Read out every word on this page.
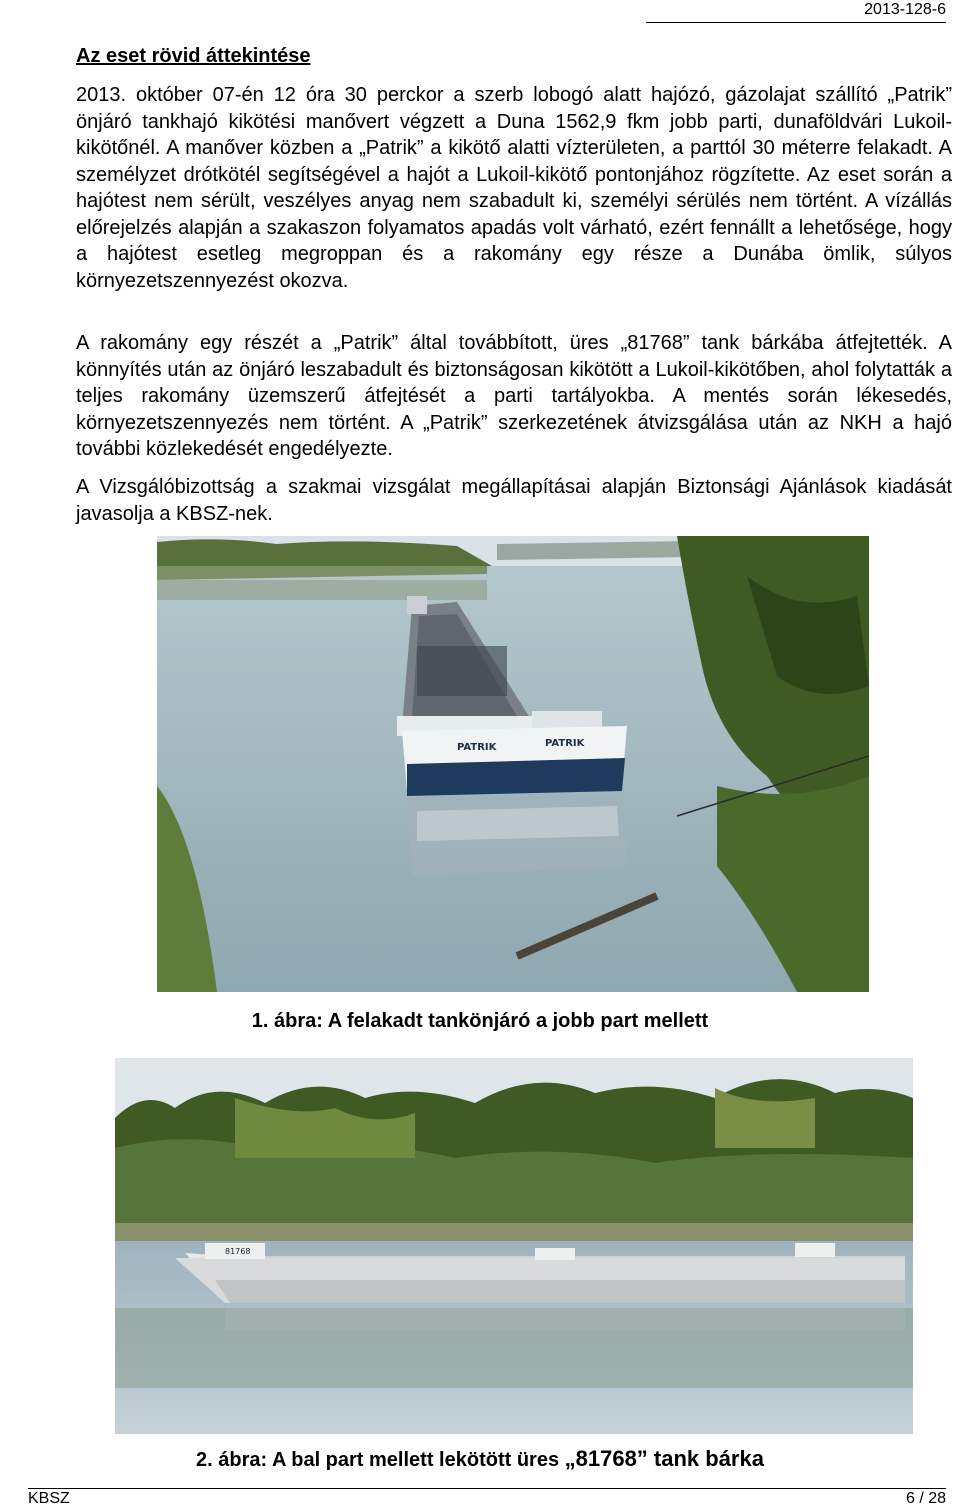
2013-128-6
Az eset rövid áttekintése

2013. október 07-én 12 óra 30 perckor a szerb lobogó alatt hajózó, gázolajat szállító „Patrik” önjáró tankhajó kikötési manővert végzett a Duna 1562,9 fkm jobb parti, dunaföldvári Lukoil-kikötőnél. A manőver közben a „Patrik” a kikötő alatti vízterületen, a parttól 30 méterre felakadt. A személyzet drótkötél segítségével a hajót a Lukoil-kikötő pontonjához rögzítette. Az eset során a hajótest nem sérült, veszélyes anyag nem szabadult ki, személyi sérülés nem történt. A vízállás előrejelzés alapján a szakaszon folyamatos apadás volt várható, ezért fennállt a lehetősége, hogy a hajótest esetleg megroppan és a rakomány egy része a Dunába ömlik, súlyos környezetszennyezést okozva.

A rakomány egy részét a „Patrik” által továbbított, üres „81768” tank bárkába átfejtették. A könnyítés után az önjáró leszabadult és biztonságosan kikötött a Lukoil-kikötőben, ahol folytatták a teljes rakomány üzemszerű átfejtését a parti tartályokba. A mentés során lékesedés, környezetszennyezés nem történt. A „Patrik” szerkezetének átvizsgálása után az NKH a hajó további közlekedését engedélyezte.

A Vizsgálóbizottság a szakmai vizsgálat megállapításai alapján Biztonsági Ajánlások kiadását javasolja a KBSZ-nek.

PATRIK	PATRIK

1. ábra: A felakadt tankönjáró a jobb part mellett

81768

2. ábra: A bal part mellett lekötött üres „81768” tank bárka

KBSZ	6 / 28
